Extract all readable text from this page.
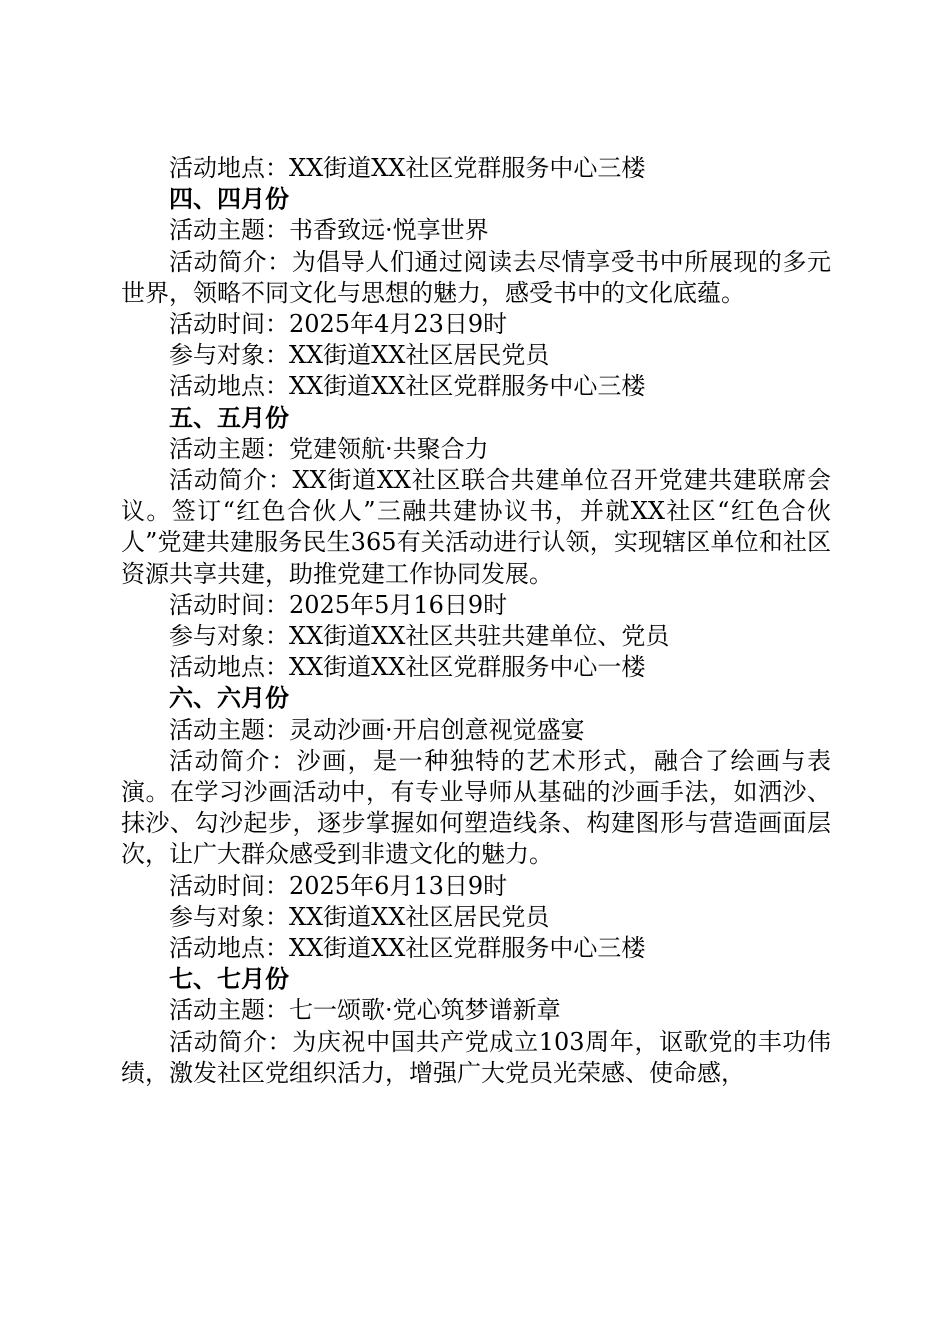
活动地点：XX街道XX社区党群服务中心三楼

四、四月份

活动主题：书香致远·悦享世界

活动简介：为倡导人们通过阅读去尽情享受书中所展现的多元世界，领略不同文化与思想的魅力，感受书中的文化底蕴。

活动时间：2025年4月23日9时

参与对象：XX街道XX社区居民党员

活动地点：XX街道XX社区党群服务中心三楼

五、五月份

活动主题：党建领航·共聚合力

活动简介：XX街道XX社区联合共建单位召开党建共建联席会议。签订“红色合伙人”三融共建协议书，并就XX社区“红色合伙人”党建共建服务民生365有关活动进行认领，实现辖区单位和社区资源共享共建，助推党建工作协同发展。

活动时间：2025年5月16日9时

参与对象：XX街道XX社区共驻共建单位、党员

活动地点：XX街道XX社区党群服务中心一楼

六、六月份

活动主题：灵动沙画·开启创意视觉盛宴

活动简介：沙画，是一种独特的艺术形式，融合了绘画与表演。在学习沙画活动中，有专业导师从基础的沙画手法，如洒沙、抹沙、勾沙起步，逐步掌握如何塑造线条、构建图形与营造画面层次，让广大群众感受到非遗文化的魅力。

活动时间：2025年6月13日9时

参与对象：XX街道XX社区居民党员

活动地点：XX街道XX社区党群服务中心三楼

七、七月份

活动主题：七一颂歌·党心筑梦谱新章

活动简介：为庆祝中国共产党成立103周年，讴歌党的丰功伟绩，激发社区党组织活力，增强广大党员光荣感、使命感，
